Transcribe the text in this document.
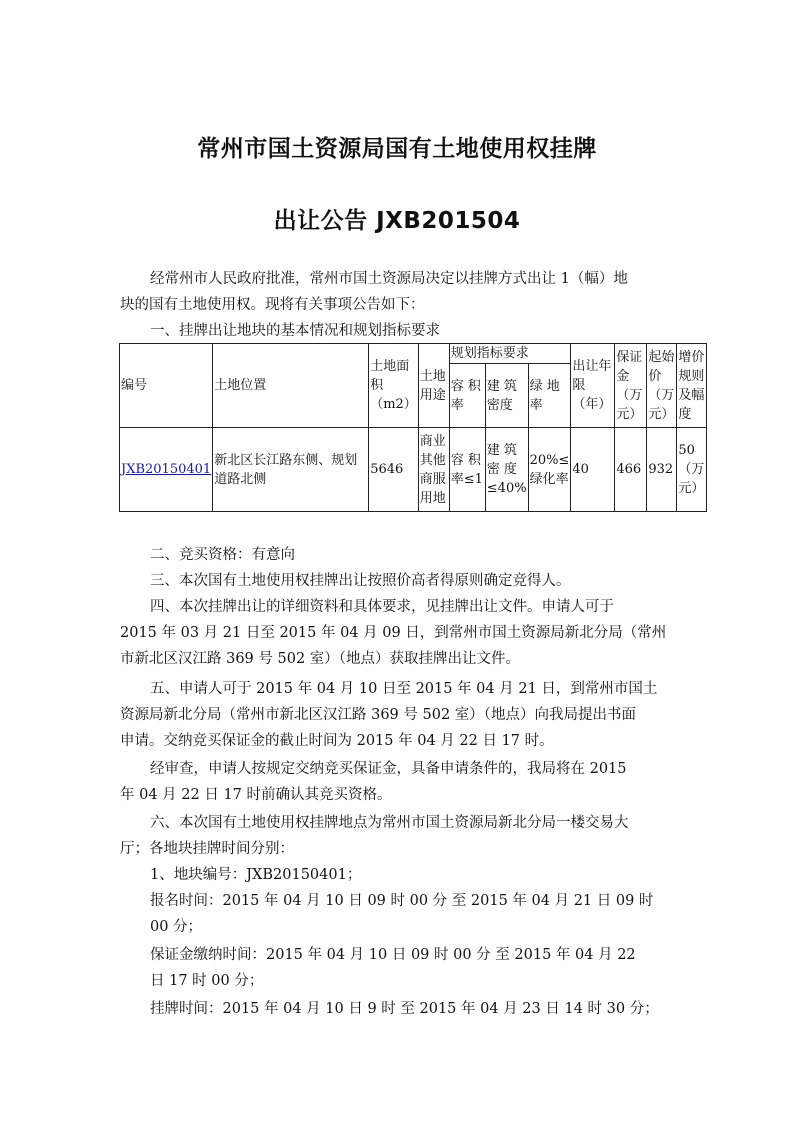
常州市国土资源局国有土地使用权挂牌
出让公告 JXB201504
经常州市人民政府批准，常州市国土资源局决定以挂牌方式出让 1（幅）地
块的国有土地使用权。现将有关事项公告如下：
一、挂牌出让地块的基本情况和规划指标要求
编号	土地位置	土地面积（m2）	土地用途	规划指标要求			出让年限（年）	保证金（万元）	起始价（万元）	增价规则及幅度
				容 积率	建 筑密度	绿 地率				
JXB20150401	新北区长江路东侧、规划道路北侧	5646	商业其他商服用地	容 积率≤1	建 筑密 度≤40%	20%≤ 绿化率	40	466	932	50（万元）
二、竞买资格：有意向
三、本次国有土地使用权挂牌出让按照价高者得原则确定竞得人。
四、本次挂牌出让的详细资料和具体要求，见挂牌出让文件。申请人可于
2015 年 03 月 21 日至 2015 年 04 月 09 日，到常州市国土资源局新北分局（常州
市新北区汉江路 369 号 502 室）（地点）获取挂牌出让文件。
五、申请人可于 2015 年 04 月 10 日至 2015 年 04 月 21 日，到常州市国土
资源局新北分局（常州市新北区汉江路 369 号 502 室）（地点）向我局提出书面
申请。交纳竞买保证金的截止时间为 2015 年 04 月 22 日 17 时。
经审查，申请人按规定交纳竞买保证金，具备申请条件的，我局将在 2015
年 04 月 22 日 17 时前确认其竞买资格。
六、本次国有土地使用权挂牌地点为常州市国土资源局新北分局一楼交易大
厅；各地块挂牌时间分别：
1、地块编号：JXB20150401；
报名时间：2015 年 04 月 10 日 09 时 00 分 至 2015 年 04 月 21 日 09 时
00 分；
保证金缴纳时间：2015 年 04 月 10 日 09 时 00 分 至 2015 年 04 月 22
日 17 时 00 分；
挂牌时间：2015 年 04 月 10 日 9 时 至 2015 年 04 月 23 日 14 时 30 分；
